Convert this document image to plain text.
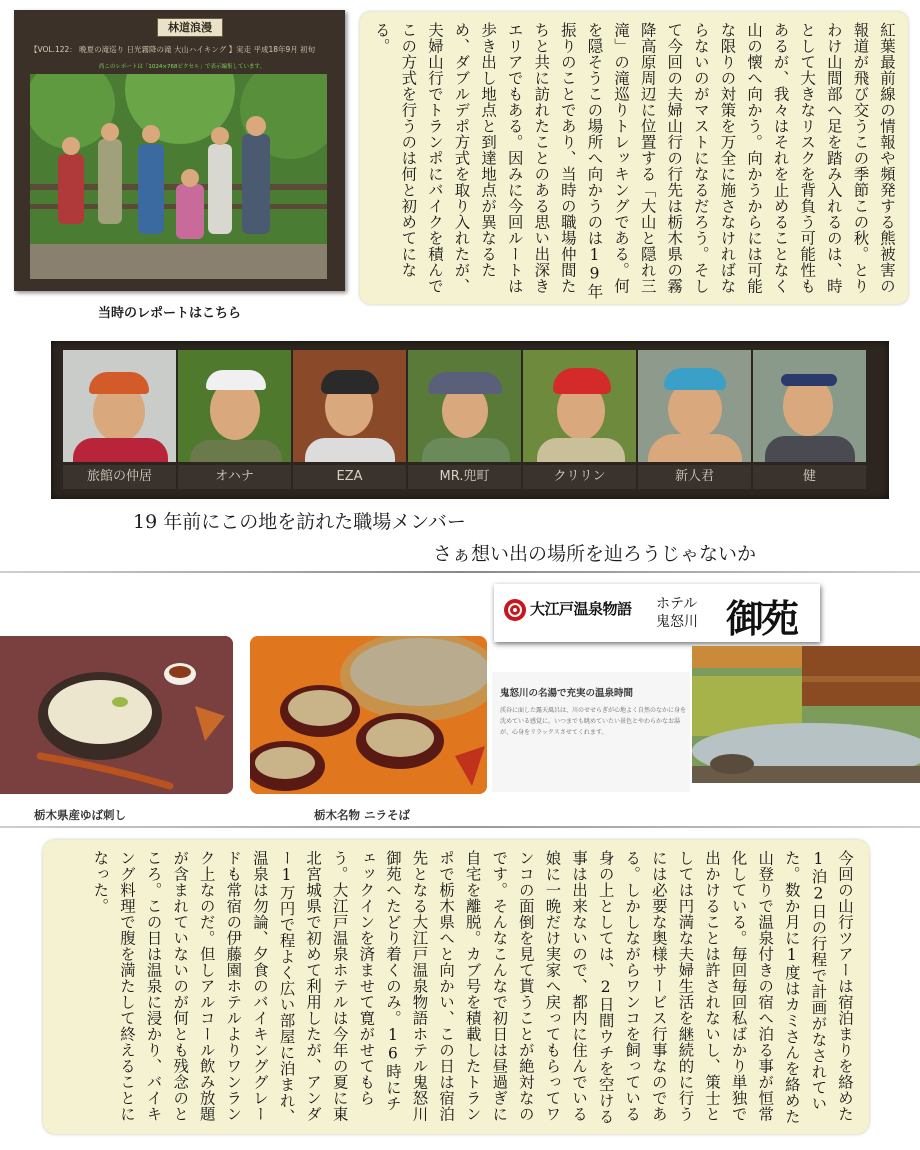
林道浪漫
【VOL.122： 晩夏の滝巡り 日光霧降の滝 大山ハイキング 】実走 平成18年9月 初旬
尚このレポートは「1024×768ピクセル」で表示編集しています。
当時のレポートはこちら
紅葉最前線の情報や頻発する熊被害の報道が飛び交うこの季節この秋。とりわけ山間部へ足を踏み入れるのは、時として大きなリスクを背負う可能性もあるが、我々はそれを止めることなく山の懐へ向かう。向かうからには可能な限りの対策を万全に施さなければならないのがマストになるだろう。そして今回の夫婦山行の行先は栃木県の霧降高原周辺に位置する「大山と隠れ三滝」の滝巡りトレッキングである。何を隠そうこの場所へ向かうのは19年振りのことであり、当時の職場仲間たちと共に訪れたことのある思い出深きエリアでもある。因みに今回ルートは歩き出し地点と到達地点が異なるため、ダブルデポ方式を取り入れたが、夫婦山行でトランポにバイクを積んでこの方式を行うのは何と初めてになる。
旅館の仲居	オハナ	EZA	MR.兜町	クリリン	新人君	健
19 年前にこの地を訪れた職場メンバー
さぁ想い出の場所を辿ろうじゃないか
栃木県産ゆば刺し	栃木名物 ニラそば
大江戸温泉物語 ホテル
鬼怒川 御苑
鬼怒川の名湯で充実の温泉時間
渓谷に面した露天風呂は、川のせせらぎが心地よく自然のなかに身を沈めている感覚に。いつまでも眺めていたい景色とやわらかなお湯が、心身をリラックスさせてくれます。
今回の山行ツアーは宿泊まりを絡めた1泊2日の行程で計画がなされていた。数か月に1度はカミさんを絡めた山登りで温泉付きの宿へ泊る事が恒常化している。毎回毎回私ばかり単独で出かけることは許されないし、策士としては円満な夫婦生活を継続的に行うには必要な奥様サービス行事なのである。しかしながらワンコを飼っている身の上としては、2日間ウチを空ける事は出来ないので、都内に住んでいる娘に一晩だけ実家へ戻ってもらってワンコの面倒を見て貰うことが絶対なのです。そんなこんなで初日は昼過ぎに自宅を離脱。カブ号を積載したトランポで栃木県へと向かい、この日は宿泊先となる大江戸温泉物語ホテル鬼怒川御苑へたどり着くのみ。16時にチェックインを済ませて寛がせてもらう。大江戸温泉ホテルは今年の夏に東北宮城県で初めて利用したが、アンダー1万円で程よく広い部屋に泊まれ、温泉は勿論、夕食のバイキンググレードも常宿の伊藤園ホテルよりワンランク上なのだ。但しアルコール飲み放題が含まれていないのが何とも残念のところ。この日は温泉に浸かり、バイキング料理で腹を満たして終えることになった。
